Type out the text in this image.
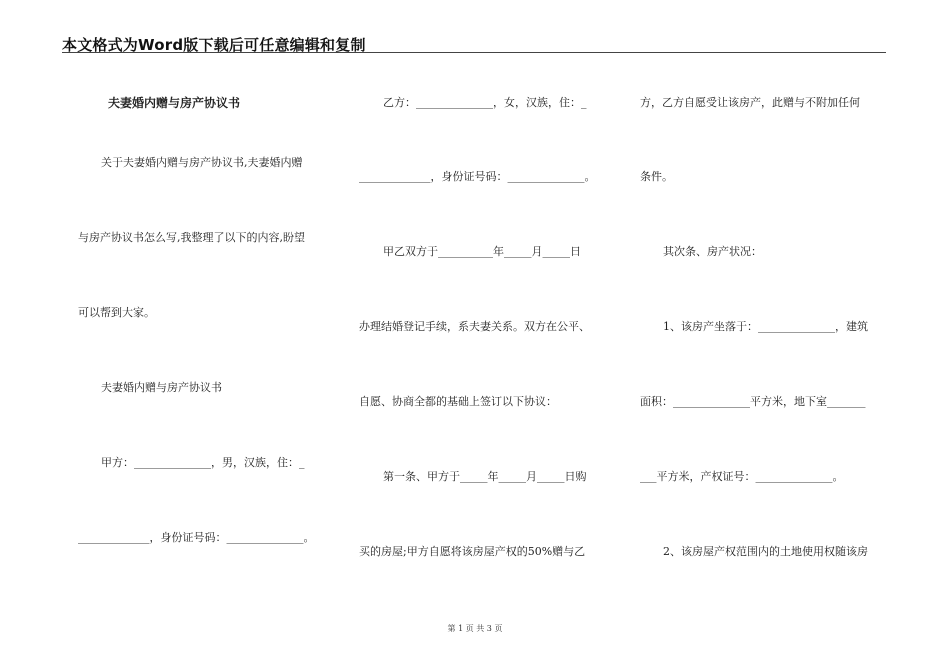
本文格式为Word版下载后可任意编辑和复制
夫妻婚内赠与房产协议书
关于夫妻婚内赠与房产协议书,夫妻婚内赠
与房产协议书怎么写,我整理了以下的内容,盼望
可以帮到大家。
夫妻婚内赠与房产协议书
甲方：______________，男，汉族，住：_
_____________，身份证号码：______________。
乙方：______________，女，汉族，住：_
_____________，身份证号码：______________。
甲乙双方于__________年_____月_____日
办理结婚登记手续，系夫妻关系。双方在公平、
自愿、协商全都的基础上签订以下协议：
第一条、甲方于_____年_____月_____日购
买的房屋;甲方自愿将该房屋产权的50%赠与乙
方，乙方自愿受让该房产，此赠与不附加任何
条件。
其次条、房产状况：
1、该房产坐落于：______________，建筑
面积：______________平方米，地下室_______
___平方米，产权证号：______________。
2、该房屋产权范围内的土地使用权随该房
第 1 页 共 3 页
